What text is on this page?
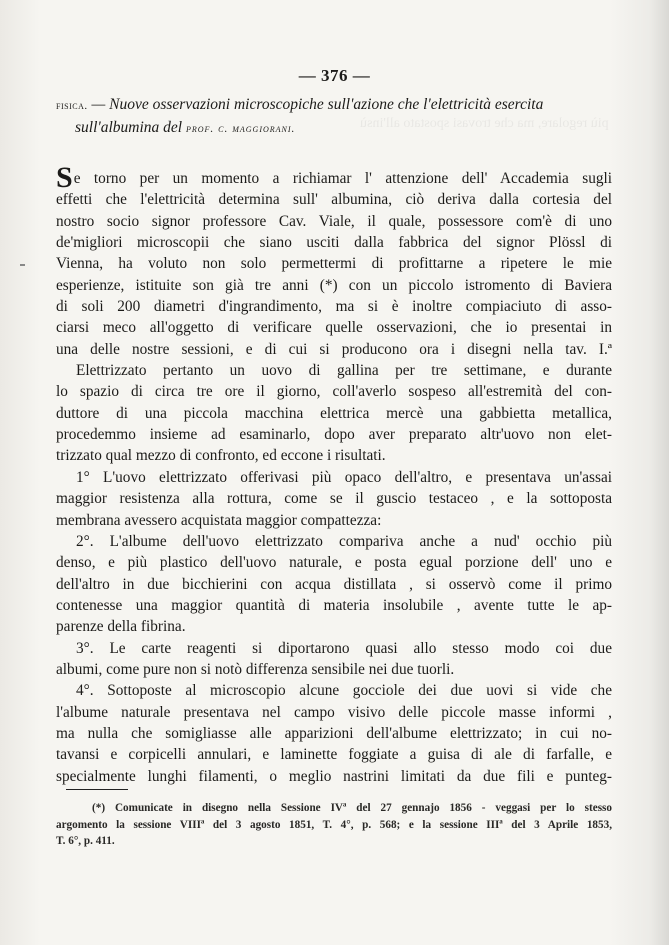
più regolare, ma che trovasi spostato all'insù
— 376 —
fisica. — Nuove osservazioni microscopiche sull'azione che l'elettricità esercita
sull'albumina del prof. c. maggiorani.
Se torno per un momento a richiamar l' attenzione dell' Accademia sugli
effetti che l'elettricità determina sull' albumina, ciò deriva dalla cortesia del
nostro socio signor professore Cav. Viale, il quale, possessore com'è di uno
de'migliori microscopii che siano usciti dalla fabbrica del signor Plössl di
Vienna, ha voluto non solo permettermi di profittarne a ripetere le mie
esperienze, istituite son già tre anni (*) con un piccolo istromento di Baviera
di soli 200 diametri d'ingrandimento, ma si è inoltre compiaciuto di asso-
ciarsi meco all'oggetto di verificare quelle osservazioni, che io presentai in
una delle nostre sessioni, e di cui si producono ora i disegni nella tav. I.ª
Elettrizzato pertanto un uovo di gallina per tre settimane, e durante
lo spazio di circa tre ore il giorno, coll'averlo sospeso all'estremità del con-
duttore di una piccola macchina elettrica mercè una gabbietta metallica,
procedemmo insieme ad esaminarlo, dopo aver preparato altr'uovo non elet-
trizzato qual mezzo di confronto, ed eccone i risultati.
1° L'uovo elettrizzato offerivasi più opaco dell'altro, e presentava un'assai
maggior resistenza alla rottura, come se il guscio testaceo , e la sottoposta
membrana avessero acquistata maggior compattezza:
2°. L'albume dell'uovo elettrizzato compariva anche a nud' occhio più
denso, e più plastico dell'uovo naturale, e posta egual porzione dell' uno e
dell'altro in due bicchierini con acqua distillata , si osservò come il primo
contenesse una maggior quantità di materia insolubile , avente tutte le ap-
parenze della fibrina.
3°. Le carte reagenti si diportarono quasi allo stesso modo coi due
albumi, come pure non si notò differenza sensibile nei due tuorli.
4°. Sottoposte al microscopio alcune gocciole dei due uovi si vide che
l'albume naturale presentava nel campo visivo delle piccole masse informi ,
ma nulla che somigliasse alle apparizioni dell'albume elettrizzato; in cui no-
tavansi e corpicelli annulari, e laminette foggiate a guisa di ale di farfalle, e
specialmente lunghi filamenti, o meglio nastrini limitati da due fili e punteg-
(*) Comunicate in disegno nella Sessione IVª del 27 gennajo 1856 - veggasi per lo stesso
argomento la sessione VIIIª del 3 agosto 1851, T. 4°, p. 568; e la sessione IIIª del 3 Aprile 1853,
T. 6°, p. 411.
